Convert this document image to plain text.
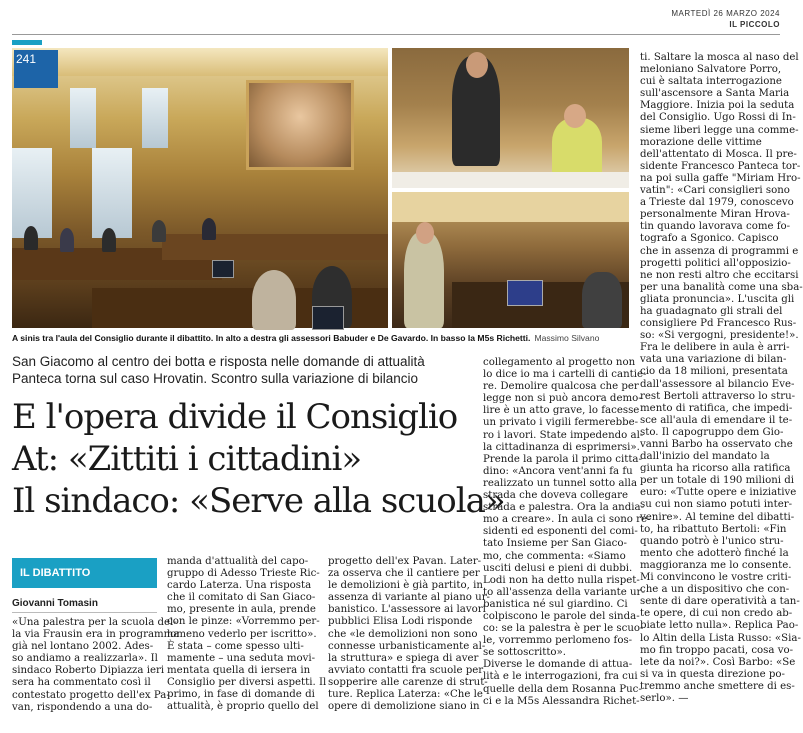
MARTEDÌ 26 MARZO 2024
IL PICCOLO
241
A sinis tra l'aula del Consiglio durante il dibattito. In alto a destra gli assessori Babuder e De Gavardo. In basso la M5s Richetti. Massimo Silvano
San Giacomo al centro dei botta e risposta nelle domande di attualità
Panteca torna sul caso Hrovatin. Scontro sulla variazione di bilancio
E l'opera divide il Consiglio
At: «Zittiti i cittadini»
Il sindaco: «Serve alla scuola»
IL DIBATTITO
Giovanni Tomasin
«Una palestra per la scuola del-
la via Frausin era in programma
già nel lontano 2002. Ades-
so andiamo a realizzarla». Il
sindaco Roberto Dipiazza ieri
sera ha commentato così il
contestato progetto dell'ex Pa-
van, rispondendo a una do-
manda d'attualità del capo-
gruppo di Adesso Trieste Ric-
cardo Laterza. Una risposta
che il comitato di San Giaco-
mo, presente in aula, prende
con le pinze: «Vorremmo per-
lomeno vederlo per iscritto».
È stata – come spesso ulti-
mamente – una seduta movi-
mentata quella di iersera in
Consiglio per diversi aspetti. Il
primo, in fase di domande di
attualità, è proprio quello del
progetto dell'ex Pavan. Later-
za osserva che il cantiere per
le demolizioni è già partito, in
assenza di variante al piano ur-
banistico. L'assessore ai lavori
pubblici Elisa Lodi risponde
che «le demolizioni non sono
connesse urbanisticamente al-
la struttura» e spiega di aver
avviato contatti fra scuole per
sopperire alle carenze di strut-
ture. Replica Laterza: «Che le
opere di demolizione siano in
collegamento al progetto non
lo dice io ma i cartelli di cantie-
re. Demolire qualcosa che per
legge non si può ancora demo-
lire è un atto grave, lo facesse
un privato i vigili fermerebbe-
ro i lavori. State impedendo al-
la cittadinanza di esprimersi».
Prende la parola il primo citta-
dino: «Ancora vent'anni fa fu
realizzato un tunnel sotto alla
strada che doveva collegare
strada e palestra. Ora la andia-
mo a creare». In aula ci sono re-
sidenti ed esponenti del comi-
tato Insieme per San Giaco-
mo, che commenta: «Siamo
usciti delusi e pieni di dubbi.
Lodi non ha detto nulla rispet-
to all'assenza della variante ur-
banistica né sul giardino. Ci
colpiscono le parole del sinda-
co: se la palestra è per le scuo-
le, vorremmo perlomeno fos-
se sottoscritto».
Diverse le domande di attua-
lità e le interrogazioni, fra cui
quelle della dem Rosanna Puc-
ci e la M5s Alessandra Richet-
ti. Saltare la mosca al naso del
meloniano Salvatore Porro,
cui è saltata interrogazione
sull'ascensore a Santa Maria
Maggiore. Inizia poi la seduta
del Consiglio. Ugo Rossi di In-
sieme liberi legge una comme-
morazione delle vittime
dell'attentato di Mosca. Il pre-
sidente Francesco Panteca tor-
na poi sulla gaffe "Miriam Hro-
vatin": «Cari consiglieri sono
a Trieste dal 1979, conoscevo
personalmente Miran Hrova-
tin quando lavorava come fo-
tografo a Sgonico. Capisco
che in assenza di programmi e
progetti politici all'opposizio-
ne non resti altro che eccitarsi
per una banalità come una sba-
gliata pronuncia». L'uscita gli
ha guadagnato gli strali del
consigliere Pd Francesco Rus-
so: «Si vergogni, presidente!».
Fra le delibere in aula è arri-
vata una variazione di bilan-
cio da 18 milioni, presentata
dall'assessore al bilancio Eve-
rest Bertoli attraverso lo stru-
mento di ratifica, che impedi-
sce all'aula di emendare il te-
sto. Il capogruppo dem Gio-
vanni Barbo ha osservato che
dall'inizio del mandato la
giunta ha ricorso alla ratifica
per un totale di 190 milioni di
euro: «Tutte opere e iniziative
su cui non siamo potuti inter-
venire». Al temine del dibatti-
to, ha ribattuto Bertoli: «Fin
quando potrò è l'unico stru-
mento che adotterò finché la
maggioranza me lo consente.
Mi convincono le vostre criti-
che a un dispositivo che con-
sente di dare operatività a tan-
te opere, di cui non credo ab-
biate letto nulla». Replica Pao-
lo Altin della Lista Russo: «Sia-
mo fin troppo pacati, cosa vo-
lete da noi?». Così Barbo: «Se
si va in questa direzione po-
tremmo anche smettere di es-
serlo». —
